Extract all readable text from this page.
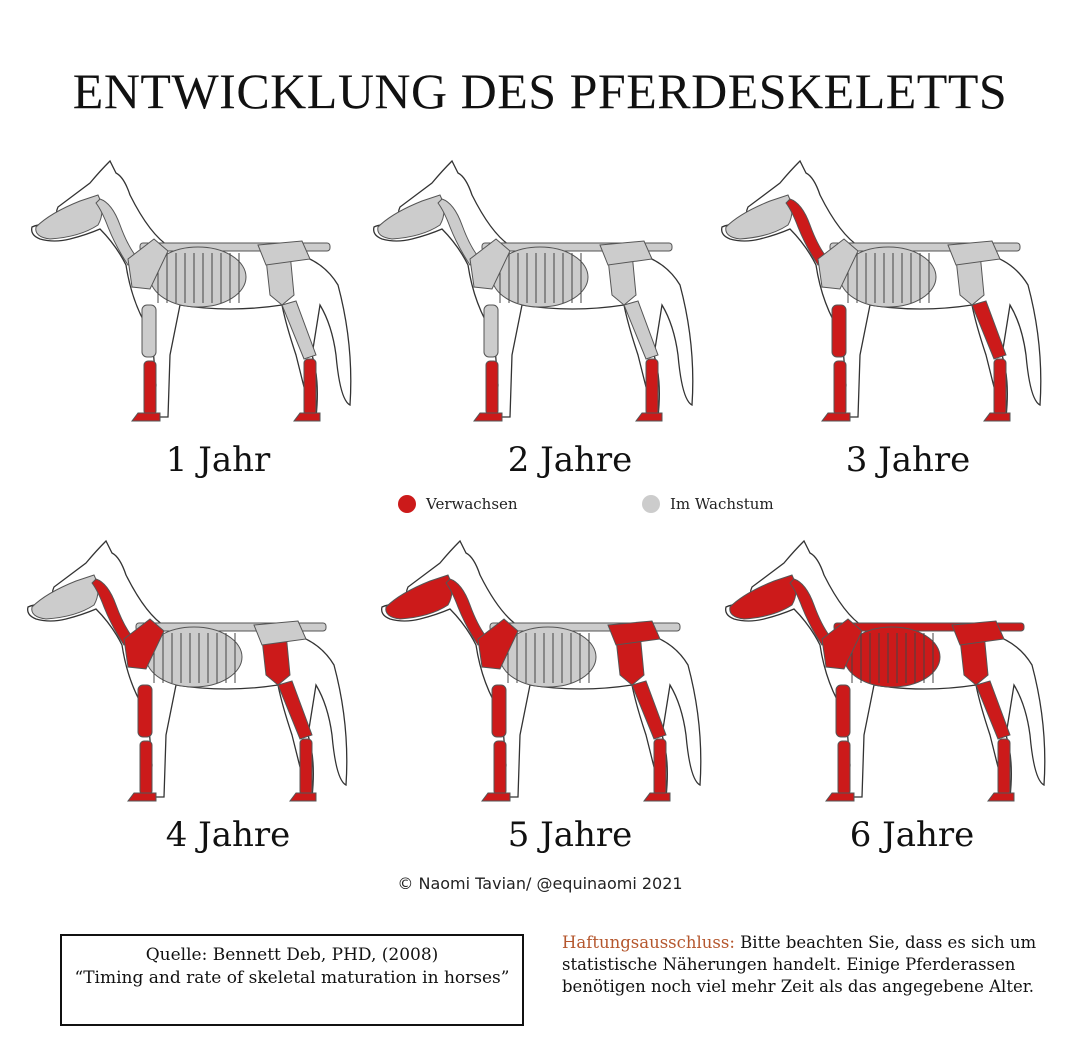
ENTWICKLUNG DES PFERDESKELETTS
1 Jahr	2 Jahre	3 Jahre
Verwachsen	Im Wachstum
4 Jahre	5 Jahre	6 Jahre
© Naomi Tavian/ @equinaomi 2021
Quelle: Bennett Deb, PHD, (2008)
“Timing and rate of skeletal maturation in horses”
Haftungsausschluss: Bitte beachten Sie, dass es sich um statistische Näherungen handelt. Einige Pferderassen benötigen noch viel mehr Zeit als das angegebene Alter.
